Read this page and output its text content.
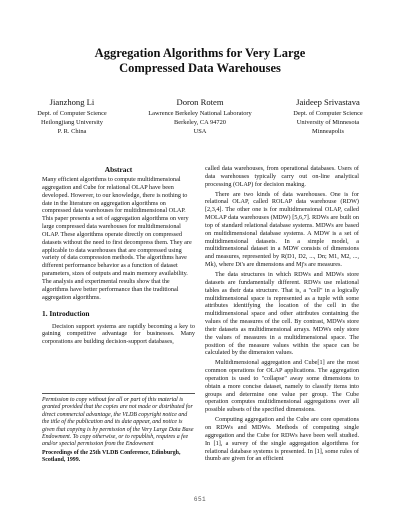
Aggregation Algorithms for Very Large
Compressed Data Warehouses
Jianzhong Li
Dept. of Computer Science
Heilongjiang University
P. R. China
Doron Rotem
Lawrence Berkeley National Laboratory
Berkeley, CA 94720
USA
Jaideep Srivastava
Dept. of Computer Science
University of Minnesota
Minneapolis
Abstract

Many efficient algorithms to compute multidimensional aggregation and Cube for relational OLAP have been developed. However, to our knowledge, there is nothing to date in the literature on aggregation algorithms on compressed data warehouses for multidimensional OLAP. This paper presents a set of aggregation algorithms on very large compressed data warehouses for multidimensional OLAP. These algorithms operate directly on compressed datasets without the need to first decompress them. They are applicable to data warehouses that are compressed using variety of data compression methods. The algorithms have different performance behavior as a function of dataset parameters, sizes of outputs and main memory availability. The analysis and experimental results show that the algorithms have better performance than the traditional aggregation algorithms.

1. Introduction

Decision support systems are rapidly becoming a key to gaining competitive advantage for businesses. Many corporations are building decision-support databases,

Permission to copy without fee all or part of this material is granted provided that the copies are not made or distributed for direct commercial advantage, the VLDB copyright notice and the title of the publication and its date appear, and notice is given that copying is by permission of the Very Large Data Base Endowment. To copy otherwise, or to republish, requires a fee and/or special permission from the Endowment

Proceedings of the 25th VLDB Conference, Edinburgh, Scotland, 1999.

called data warehouses, from operational databases. Users of data warehouses typically carry out on-line analytical processing (OLAP) for decision making.

There are two kinds of data warehouses. One is for relational OLAP, called ROLAP data warehouse (RDW)[2,3,4]. The other one is for multidimensional OLAP, called MOLAP data warehouses (MDW) [5,6,7]. RDWs are built on top of standard relational database systems. MDWs are based on multidimensional database systems. A MDW is a set of multidimensional datasets. In a simple model, a multidimensional dataset in a MDW consists of dimensions and measures, represented by R(D1, D2, ..., Dn; M1, M2, ..., Mk), where Di's are dimensions and Mj's are measures.

The data structures in which RDWs and MDWs store datasets are fundamentally different. RDWs use relational tables as their data structure. That is, a "cell" in a logically multidimensional space is represented as a tuple with some attributes identifying the location of the cell in the multidimensional space and other attributes containing the values of the measures of the cell. By contrast, MDWs store their datasets as multidimensional arrays. MDWs only store the values of measures in a multidimensional space. The position of the measure values within the space can be calculated by the dimension values.

Multidimensional aggregation and Cube[1] are the most common operations for OLAP applications. The aggregation operation is used to "collapse" away some dimensions to obtain a more concise dataset, namely to classify items into groups and determine one value per group. The Cube operation computes multidimensional aggregations over all possible subsets of the specified dimensions.

Computing aggregation and the Cube are core operations on RDWs and MDWs. Methods of computing single aggregation and the Cube for RDWs have been well studied. In [1], a survey of the single aggregation algorithms for relational database systems is presented. In [1], some rules of thumb are given for an efficient

651
